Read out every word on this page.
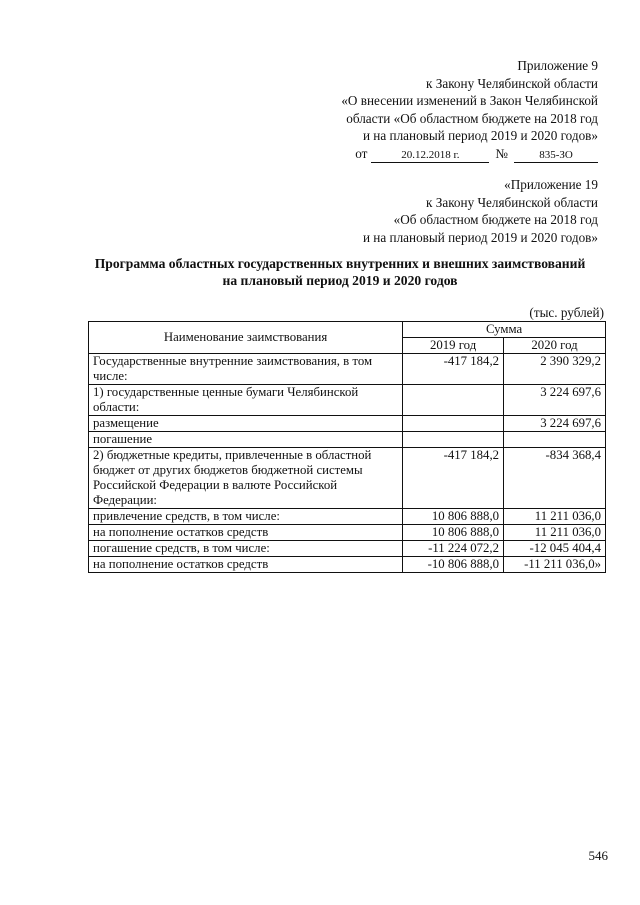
Приложение 9
к Закону Челябинской области
«О внесении изменений в Закон Челябинской
области «Об областном бюджете на 2018 год
и на плановый период 2019 и 2020 годов»
от	20.12.2018 г.	№	835-ЗО
«Приложение 19
к Закону Челябинской области
«Об областном бюджете на 2018 год
и на плановый период 2019 и 2020 годов»
Программа областных государственных внутренних и внешних заимствований
на плановый период 2019 и 2020 годов
(тыс. рублей)
Наименование заимствования	Сумма	
	2019 год	2020 год
Государственные внутренние заимствования, в том числе:	-417 184,2	2 390 329,2
1) государственные ценные бумаги Челябинской области:		3 224 697,6
размещение		3 224 697,6
погашение		
2) бюджетные кредиты, привлеченные в областной бюджет от других бюджетов бюджетной системы Российской Федерации в валюте Российской Федерации:	-417 184,2	-834 368,4
привлечение средств, в том числе:	10 806 888,0	11 211 036,0
на пополнение остатков средств	10 806 888,0	11 211 036,0
погашение средств, в том числе:	-11 224 072,2	-12 045 404,4
на пополнение остатков средств	-10 806 888,0	-11 211 036,0»
546
